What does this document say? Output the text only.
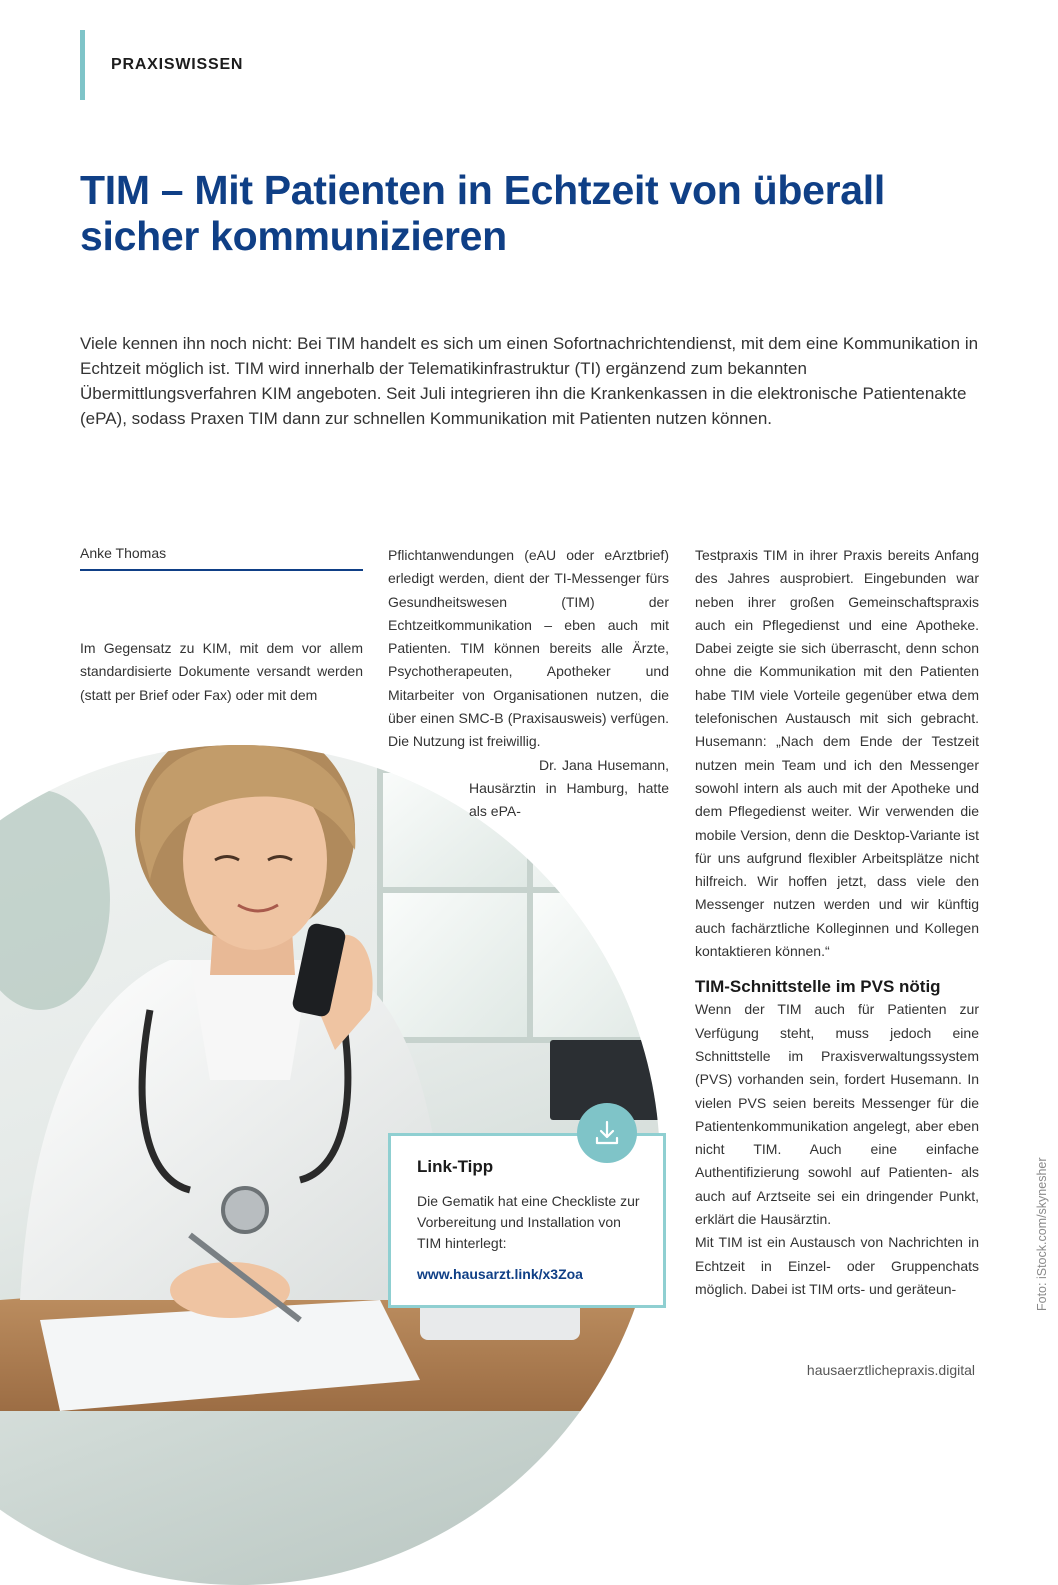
PRAXISWISSEN
TIM – Mit Patienten in Echtzeit von überall sicher kommunizieren

Viele kennen ihn noch nicht: Bei TIM handelt es sich um einen Sofortnachrichtendienst, mit dem eine Kommunikation in Echtzeit möglich ist. TIM wird innerhalb der Telematikinfrastruktur (TI) ergänzend zum bekannten Übermittlungsverfahren KIM angeboten. Seit Juli integrieren ihn die Krankenkassen in die elektronische Patientenakte (ePA), sodass Praxen TIM dann zur schnellen Kommunikation mit Patienten nutzen können.

Anke Thomas

Im Gegensatz zu KIM, mit dem vor allem standardisierte Dokumente versandt werden (statt per Brief oder Fax) oder mit dem

Pflichtanwendungen (eAU oder eArztbrief) erledigt werden, dient der TI-Messenger fürs Gesundheitswesen (TIM) der Echtzeitkommunikation – eben auch mit Patienten. TIM können bereits alle Ärzte, Psychotherapeuten, Apotheker und Mitarbeiter von Organisationen nutzen, die über einen SMC-B (Praxisausweis) verfügen. Die Nutzung ist freiwillig.

Dr. Jana Husemann, Hausärztin in Hamburg, hatte als ePA-

Testpraxis TIM in ihrer Praxis bereits Anfang des Jahres ausprobiert. Eingebunden war neben ihrer großen Gemeinschaftspraxis auch ein Pflegedienst und eine Apotheke. Dabei zeigte sie sich überrascht, denn schon ohne die Kommunikation mit den Patienten habe TIM viele Vorteile gegenüber etwa dem telefonischen Austausch mit sich gebracht. Husemann: „Nach dem Ende der Testzeit nutzen mein Team und ich den Messenger sowohl intern als auch mit der Apotheke und dem Pflegedienst weiter. Wir verwenden die mobile Version, denn die Desktop-Variante ist für uns aufgrund flexibler Arbeitsplätze nicht hilfreich. Wir hoffen jetzt, dass viele den Messenger nutzen werden und wir künftig auch fachärztliche Kolleginnen und Kollegen kontaktieren können.“

TIM-Schnittstelle im PVS nötig

Wenn der TIM auch für Patienten zur Verfügung steht, muss jedoch eine Schnittstelle im Praxisverwaltungssystem (PVS) vorhanden sein, fordert Husemann. In vielen PVS seien bereits Messenger für die Patientenkommunikation angelegt, aber eben nicht TIM. Auch eine einfache Authentifizierung sowohl auf Patienten- als auch auf Arztseite sei ein dringender Punkt, erklärt die Hausärztin.

Mit TIM ist ein Austausch von Nachrichten in Echtzeit in Einzel- oder Gruppenchats möglich. Dabei ist TIM orts- und geräteun-

Link-Tipp

Die Gematik hat eine Checkliste zur Vorbereitung und Installation von TIM hinterlegt:

www.hausarzt.link/x3Zoa	Foto: iStock.com/skynesher
hausaerztlichepraxis.digital
